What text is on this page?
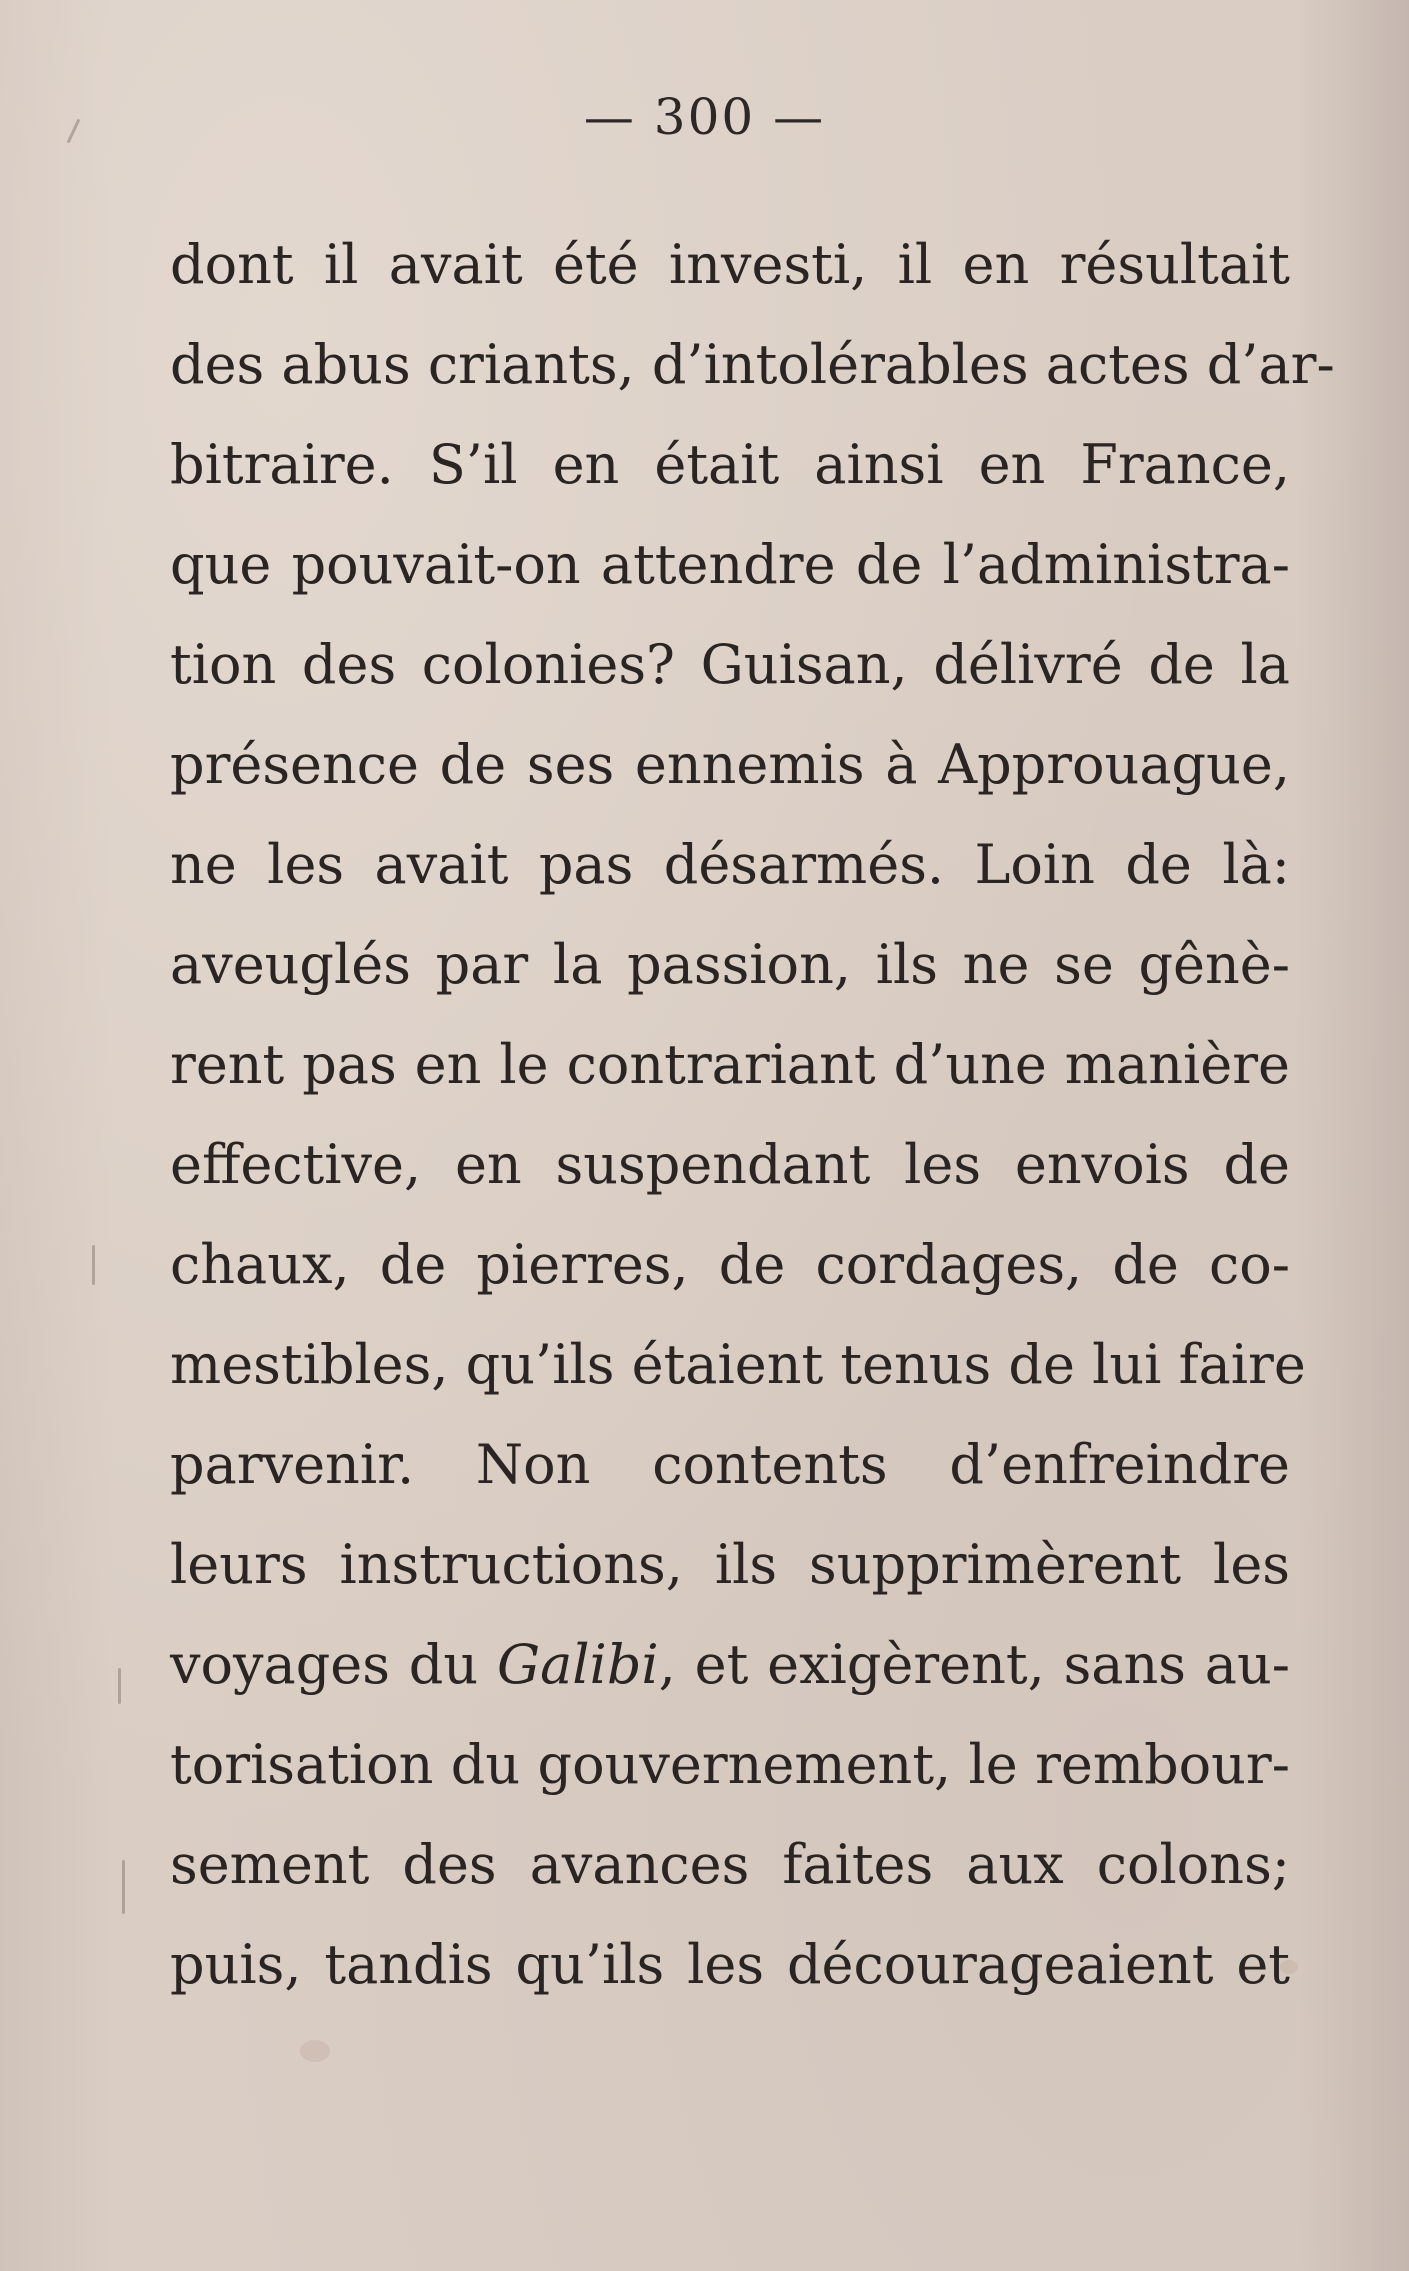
— 300 —
dont il avait été investi, il en résultait
des abus criants, d’intolérables actes d’ar-
bitraire. S’il en était ainsi en France,
que pouvait-on attendre de l’administra-
tion des colonies? Guisan, délivré de la
présence de ses ennemis à Approuague,
ne les avait pas désarmés. Loin de là:
aveuglés par la passion, ils ne se gênè-
rent pas en le contrariant d’une manière
effective, en suspendant les envois de
chaux, de pierres, de cordages, de co-
mestibles, qu’ils étaient tenus de lui faire
parvenir. Non contents d’enfreindre
leurs instructions, ils supprimèrent les
voyages du Galibi, et exigèrent, sans au-
torisation du gouvernement, le rembour-
sement des avances faites aux colons;
puis, tandis qu’ils les décourageaient et
